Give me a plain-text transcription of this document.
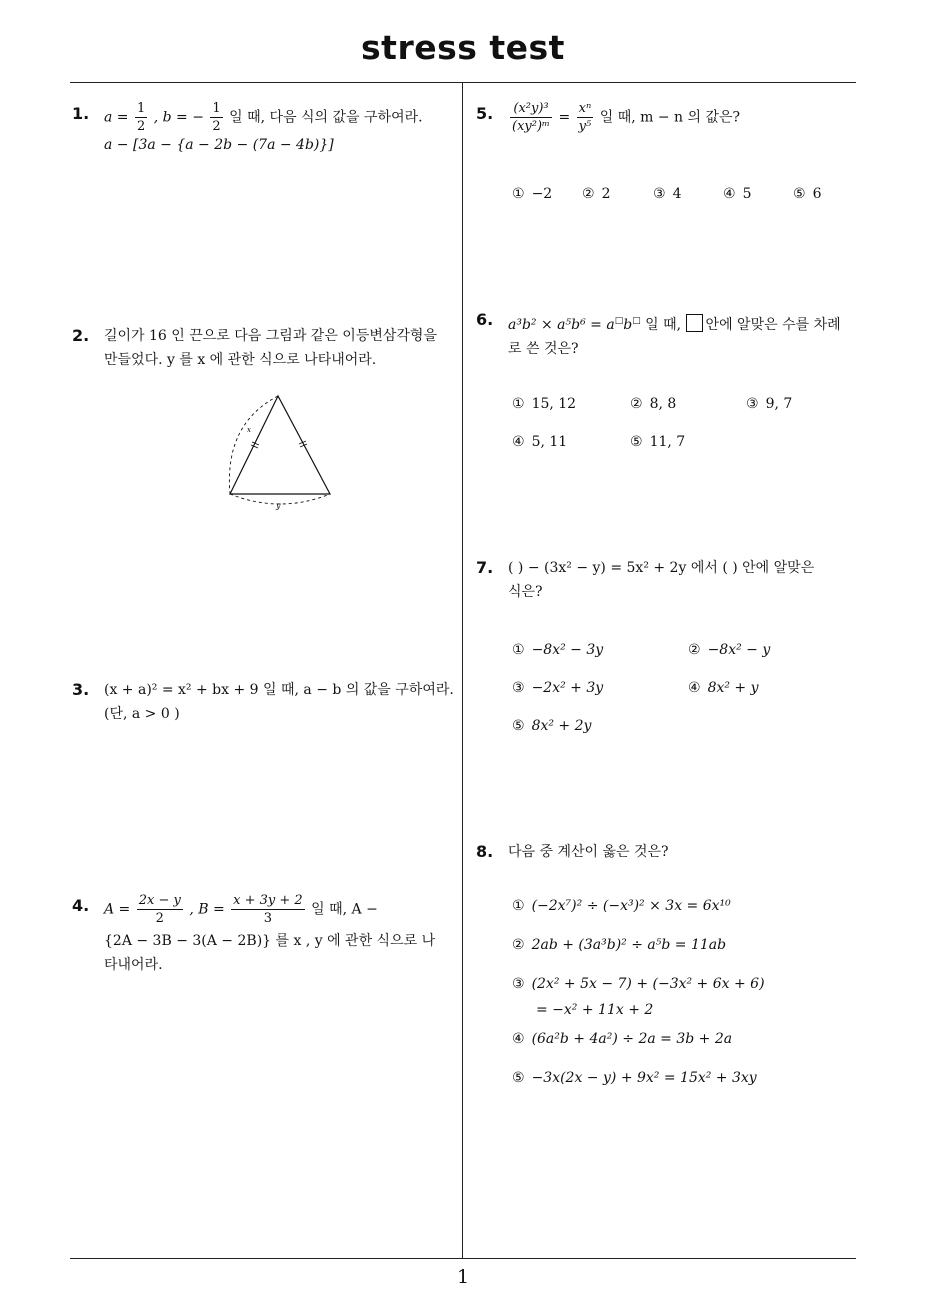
stress test
1
1. $a = \frac{1}{2}$ , b = − $\frac{1}{2}$ 일 때, 다음 식의 값을 구하여라.
a − [3a − {a − 2b − (7a − 4b)}]
2. 길이가 16 인 끈으로 다음 그림과 같은 이등변삼각형을
만들었다. y 를 x 에 관한 식으로 나타내어라.
x
y
3. (x + a)² = x² + bx + 9 일 때, a − b 의 값을 구하여라.
(단, a > 0 )
4. $A = \frac{2x - y}{2}$ , $B = \frac{x + 3y + 2}{3}$ 일 때, A −
{2A − 3B − 3(A − 2B)} 를 x , y 에 관한 식으로 나
타내어라.
5. $\frac{\text{(x²y)³}}{\text{(xy²)ᵐ}} = \frac{\text{xⁿ}}{\text{y⁵}}$ 일 때, m − n 의 값은?
① −2 ② 2	③ 4	④ 5	⑤ 6
6. a³b² × a⁵b⁶ = a□b□ 일 때, 안에 알맞은 수를 차례
로 쓴 것은?
① 15, 12	② 8, 8	③ 9, 7
④ 5, 11	⑤ 11, 7
7. ( ) − (3x² − y) = 5x² + 2y 에서 ( ) 안에 알맞은
식은?
① −8x² − 3y	② −8x² − y
③ −2x² + 3y	④ 8x² + y
⑤ 8x² + 2y
8. 다음 중 계산이 옳은 것은?
① (−2x⁷)² ÷ (−x³)² × 3x = 6x¹⁰
② 2ab + (3a³b)² ÷ a⁵b = 11ab
③ (2x² + 5x − 7) + (−3x² + 6x + 6)
= −x² + 11x + 2
④ (6a²b + 4a²) ÷ 2a = 3b + 2a
⑤ −3x(2x − y) + 9x² = 15x² + 3xy
